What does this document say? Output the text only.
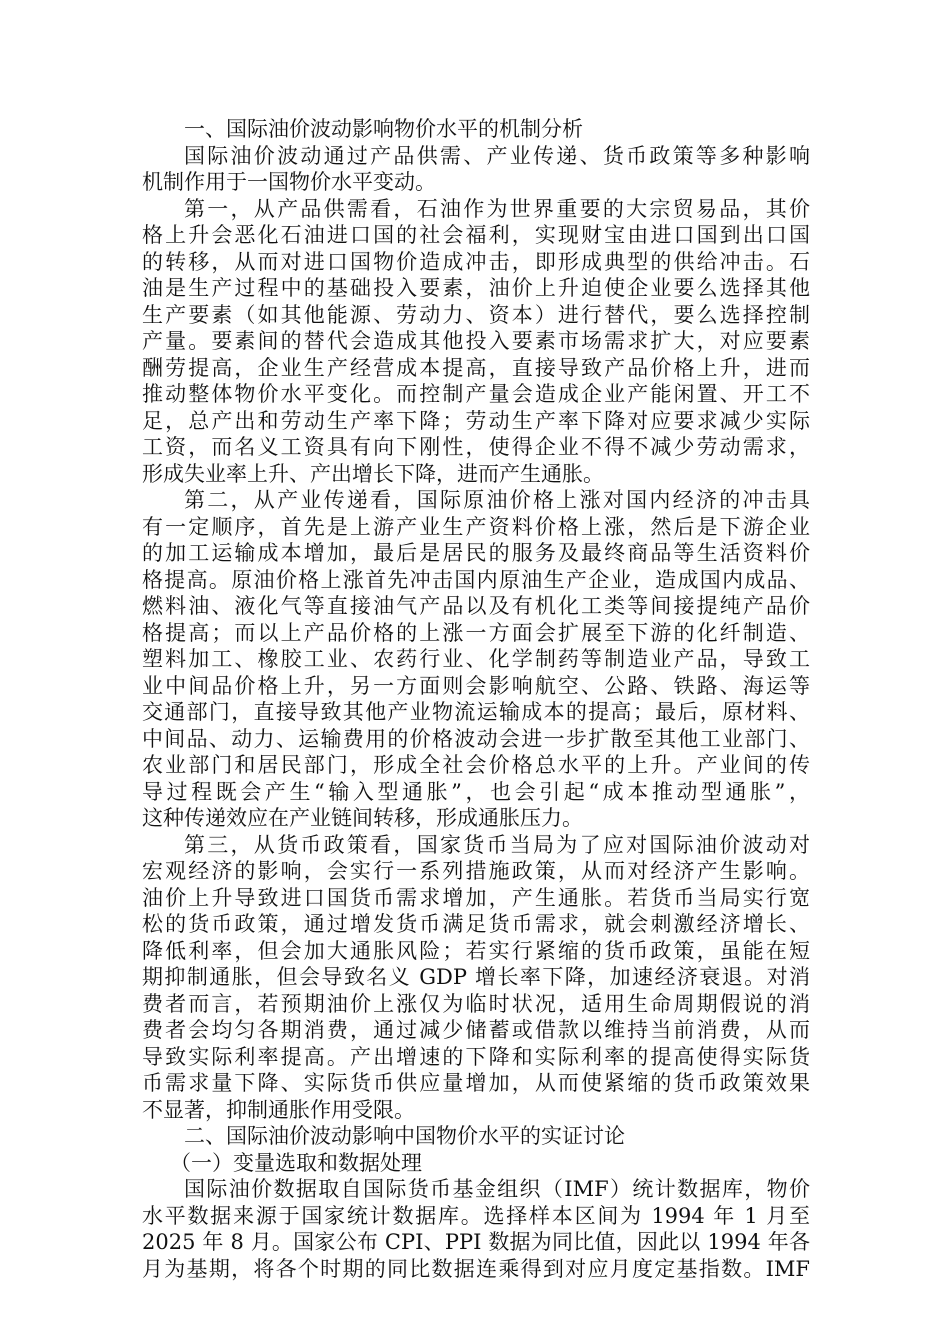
一、国际油价波动影响物价水平的机制分析
国际油价波动通过产品供需、产业传递、货币政策等多种影响
机制作用于一国物价水平变动。
第一，从产品供需看，石油作为世界重要的大宗贸易品，其价
格上升会恶化石油进口国的社会福利，实现财宝由进口国到出口国
的转移，从而对进口国物价造成冲击，即形成典型的供给冲击。石
油是生产过程中的基础投入要素，油价上升迫使企业要么选择其他
生产要素（如其他能源、劳动力、资本）进行替代，要么选择控制
产量。要素间的替代会造成其他投入要素市场需求扩大，对应要素
酬劳提高，企业生产经营成本提高，直接导致产品价格上升，进而
推动整体物价水平变化。而控制产量会造成企业产能闲置、开工不
足，总产出和劳动生产率下降；劳动生产率下降对应要求减少实际
工资，而名义工资具有向下刚性，使得企业不得不减少劳动需求，
形成失业率上升、产出增长下降，进而产生通胀。
第二，从产业传递看，国际原油价格上涨对国内经济的冲击具
有一定顺序，首先是上游产业生产资料价格上涨，然后是下游企业
的加工运输成本增加，最后是居民的服务及最终商品等生活资料价
格提高。原油价格上涨首先冲击国内原油生产企业，造成国内成品、
燃料油、液化气等直接油气产品以及有机化工类等间接提纯产品价
格提高；而以上产品价格的上涨一方面会扩展至下游的化纤制造、
塑料加工、橡胶工业、农药行业、化学制药等制造业产品，导致工
业中间品价格上升，另一方面则会影响航空、公路、铁路、海运等
交通部门，直接导致其他产业物流运输成本的提高；最后，原材料、
中间品、动力、运输费用的价格波动会进一步扩散至其他工业部门、
农业部门和居民部门，形成全社会价格总水平的上升。产业间的传
导过程既会产生“输入型通胀”，也会引起“成本推动型通胀”，
这种传递效应在产业链间转移，形成通胀压力。
第三，从货币政策看，国家货币当局为了应对国际油价波动对
宏观经济的影响，会实行一系列措施政策，从而对经济产生影响。
油价上升导致进口国货币需求增加，产生通胀。若货币当局实行宽
松的货币政策，通过增发货币满足货币需求，就会刺激经济增长、
降低利率，但会加大通胀风险；若实行紧缩的货币政策，虽能在短
期抑制通胀，但会导致名义 GDP 增长率下降，加速经济衰退。对消
费者而言，若预期油价上涨仅为临时状况，适用生命周期假说的消
费者会均匀各期消费，通过减少储蓄或借款以维持当前消费，从而
导致实际利率提高。产出增速的下降和实际利率的提高使得实际货
币需求量下降、实际货币供应量增加，从而使紧缩的货币政策效果
不显著，抑制通胀作用受限。
二、国际油价波动影响中国物价水平的实证讨论
（一）变量选取和数据处理
国际油价数据取自国际货币基金组织（IMF）统计数据库，物价
水平数据来源于国家统计数据库。选择样本区间为 1994 年 1 月至
2025 年 8 月。国家公布 CPI、PPI 数据为同比值，因此以 1994 年各
月为基期，将各个时期的同比数据连乘得到对应月度定基指数。IMF
